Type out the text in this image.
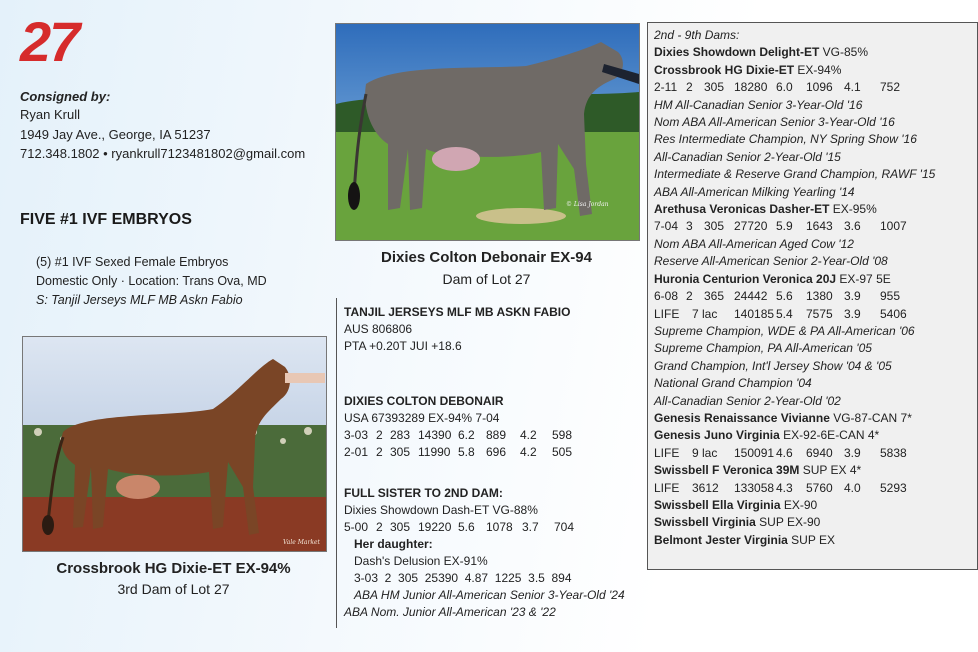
27
Consigned by:
Ryan Krull
1949 Jay Ave., George, IA 51237
712.348.1802 • ryankrull7123481802@gmail.com
FIVE #1 IVF EMBRYOS
(5) #1 IVF Sexed Female Embryos
Domestic Only · Location: Trans Ova, MD
S: Tanjil Jerseys MLF MB Askn Fabio
Vale Market
Crossbrook HG Dixie-ET EX-94%
3rd Dam of Lot 27
© Lisa Jordan
Dixies Colton Debonair EX-94
Dam of Lot 27
TANJIL JERSEYS MLF MB ASKN FABIO
AUS 806806
PTA +0.20T JUI +18.6
DIXIES COLTON DEBONAIR
USA 67393289 EX-94% 7-04
3-03 2 283 14390 6.2 889 4.2 598
2-01 2 305 11990 5.8 696 4.2 505
FULL SISTER TO 2ND DAM:
Dixies Showdown Dash-ET VG-88%
5-00 2 305 19220 5.6 1078 3.7 704
Her daughter:
Dash's Delusion EX-91%
3-03  2  305  25390  4.87  1225  3.5  894
ABA HM Junior All-American Senior 3-Year-Old '24
ABA Nom. Junior All-American '23 & '22
2nd - 9th Dams:
Dixies Showdown Delight-ET VG-85%
Crossbrook HG Dixie-ET EX-94%
2-11 2 305 18280 6.0 1096 4.1 752
HM All-Canadian Senior 3-Year-Old '16
Nom ABA All-American Senior 3-Year-Old '16
Res Intermediate Champion, NY Spring Show '16
All-Canadian Senior 2-Year-Old '15
Intermediate & Reserve Grand Champion, RAWF '15
ABA All-American Milking Yearling '14
Arethusa Veronicas Dasher-ET EX-95%
7-04 3 305 27720 5.9 1643 3.6 1007
Nom ABA All-American Aged Cow '12
Reserve All-American Senior 2-Year-Old '08
Huronia Centurion Veronica 20J EX-97 5E
6-08 2 365 24442 5.6 1380 3.9 955
LIFE 7 lac 140185 5.4 7575 3.9 5406
Supreme Champion, WDE & PA All-American '06
Supreme Champion, PA All-American '05
Grand Champion, Int'l Jersey Show '04 & '05
National Grand Champion '04
All-Canadian Senior 2-Year-Old '02
Genesis Renaissance Vivianne VG-87-CAN 7*
Genesis Juno Virginia EX-92-6E-CAN 4*
LIFE 9 lac 150091 4.6 6940 3.9 5838
Swissbell F Veronica 39M SUP EX 4*
LIFE 3612 133058 4.3 5760 4.0 5293
Swissbell Ella Virginia EX-90
Swissbell Virginia SUP EX-90
Belmont Jester Virginia SUP EX
